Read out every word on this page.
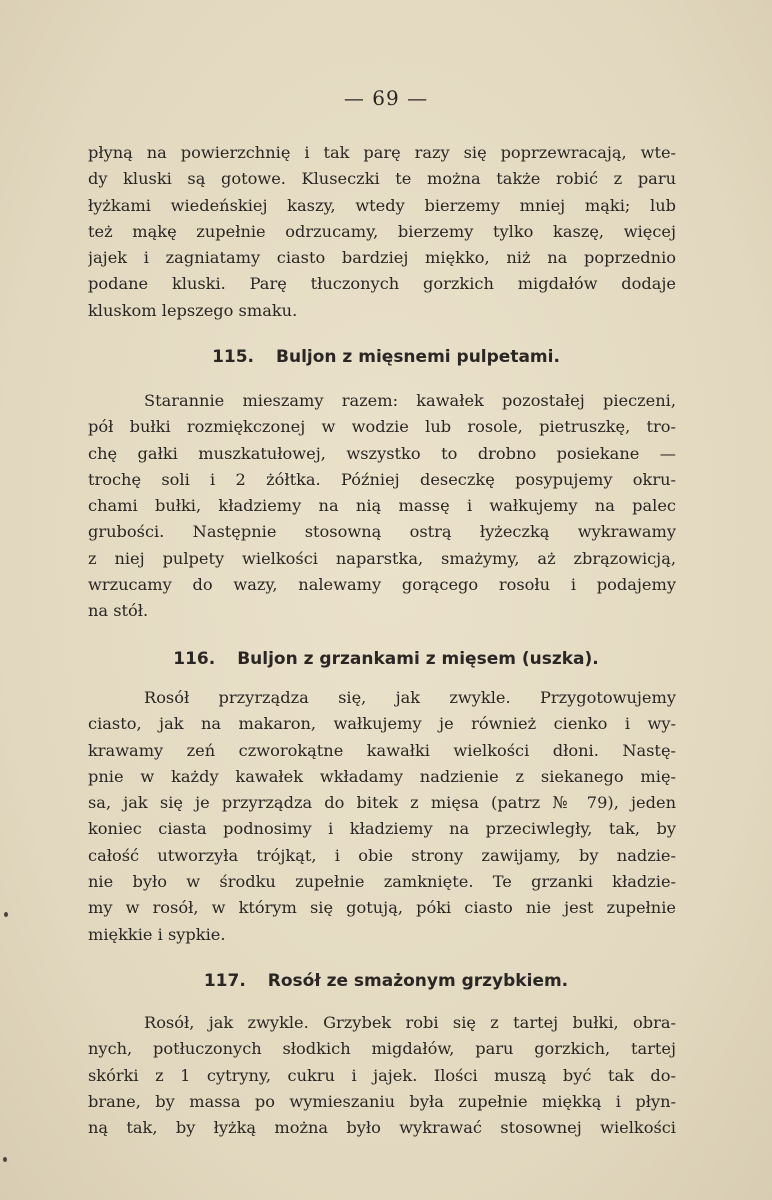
— 69 —
płyną na powierzchnię i tak parę razy się poprzewracają, wte-
dy kluski są gotowe. Kluseczki te można także robić z paru
łyżkami wiedeńskiej kaszy, wtedy bierzemy mniej mąki; lub
też mąkę zupełnie odrzucamy, bierzemy tylko kaszę, więcej
jajek i zagniatamy ciasto bardziej miękko, niż na poprzednio
podane kluski. Parę tłuczonych gorzkich migdałów dodaje
kluskom lepszego smaku.
115. Buljon z mięsnemi pulpetami.
Starannie mieszamy razem: kawałek pozostałej pieczeni,
pół bułki rozmiękczonej w wodzie lub rosole, pietruszkę, tro-
chę gałki muszkatułowej, wszystko to drobno posiekane —
trochę soli i 2 żółtka. Później deseczkę posypujemy okru-
chami bułki, kładziemy na nią massę i wałkujemy na palec
grubości. Następnie stosowną ostrą łyżeczką wykrawamy
z niej pulpety wielkości naparstka, smażymy, aż zbrązowicją,
wrzucamy do wazy, nalewamy gorącego rosołu i podajemy
na stół.
116. Buljon z grzankami z mięsem (uszka).
Rosół przyrządza się, jak zwykle. Przygotowujemy
ciasto, jak na makaron, wałkujemy je również cienko i wy-
krawamy zeń czworokątne kawałki wielkości dłoni. Nastę-
pnie w każdy kawałek wkładamy nadzienie z siekanego mię-
sa, jak się je przyrządza do bitek z mięsa (patrz № 79), jeden
koniec ciasta podnosimy i kładziemy na przeciwległy, tak, by
całość utworzyła trójkąt, i obie strony zawijamy, by nadzie-
nie było w środku zupełnie zamknięte. Te grzanki kładzie-
my w rosół, w którym się gotują, póki ciasto nie jest zupełnie
miękkie i sypkie.
117. Rosół ze smażonym grzybkiem.
Rosół, jak zwykle. Grzybek robi się z tartej bułki, obra-
nych, potłuczonych słodkich migdałów, paru gorzkich, tartej
skórki z 1 cytryny, cukru i jajek. Ilości muszą być tak do-
brane, by massa po wymieszaniu była zupełnie miękką i płyn-
ną tak, by łyżką można było wykrawać stosownej wielkości
